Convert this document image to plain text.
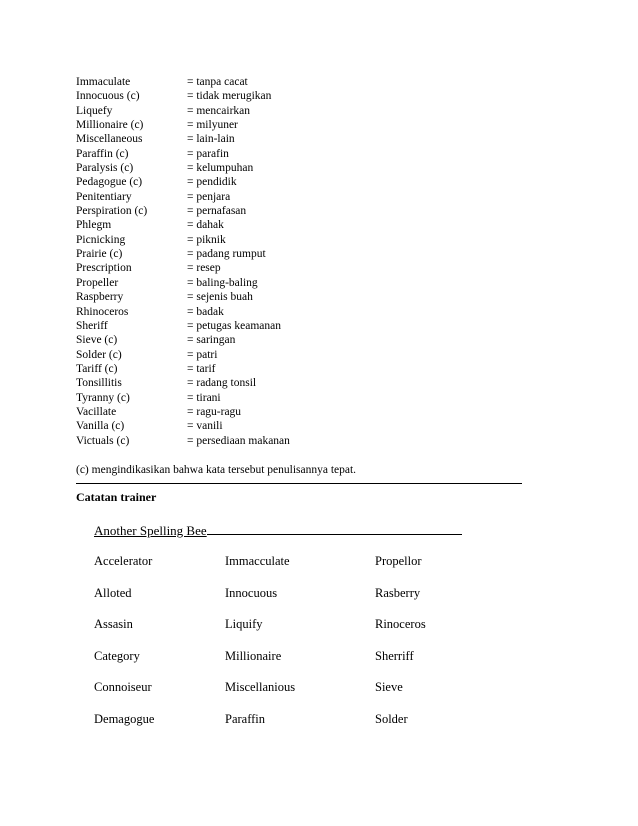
Immaculate	= tanpa cacat
Innocuous (c)	= tidak merugikan
Liquefy	= mencairkan
Millionaire (c)	= milyuner
Miscellaneous	= lain-lain
Paraffin (c)	= parafin
Paralysis (c)	= kelumpuhan
Pedagogue (c)	= pendidik
Penitentiary	= penjara
Perspiration (c)	= pernafasan
Phlegm	= dahak
Picnicking	= piknik
Prairie (c)	= padang rumput
Prescription	= resep
Propeller	= baling-baling
Raspberry	= sejenis buah
Rhinoceros	= badak
Sheriff	= petugas keamanan
Sieve (c)	= saringan
Solder (c)	= patri
Tariff (c)	= tarif
Tonsillitis	= radang tonsil
Tyranny (c)	= tirani
Vacillate	= ragu-ragu
Vanilla (c)	= vanili
Victuals (c)	= persediaan makanan
(c) mengindikasikan bahwa kata tersebut penulisannya tepat.
Catatan trainer
Another Spelling Bee
Accelerator	Immacculate	Propellor
Alloted	Innocuous	Rasberry
Assasin	Liquify	Rinoceros
Category	Millionaire	Sherriff
Connoiseur	Miscellanious	Sieve
Demagogue	Paraffin	Solder
